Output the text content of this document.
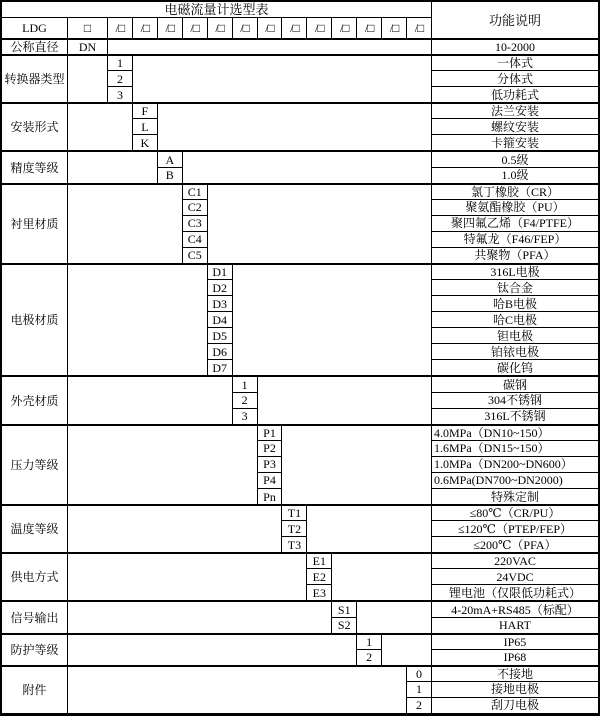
电磁流量计选型表
功能说明
LDG	□	/□	/□	/□	/□	/□	/□	/□	/□	/□	/□	/□	/□	/□
公称直径	DN	10-2000
转换器类型
1	一体式
2	分体式
3	低功耗式
安装形式
F	法兰安装
L	螺纹安装
K	卡箍安装
精度等级
A	0.5级
B	1.0级
衬里材质
C1	氯丁橡胶（CR）
C2	聚氨酯橡胶（PU）
C3	聚四氟乙烯（F4/PTFE）
C4	特氟龙（F46/FEP）
C5	共聚物（PFA）
电极材质
D1	316L电极
D2	钛合金
D3	哈B电极
D4	哈C电极
D5	钽电极
D6	铂铱电极
D7	碳化钨
外壳材质
1	碳钢
2	304不锈钢
3	316L不锈钢
压力等级
P1	4.0MPa（DN10~150）
P2	1.6MPa（DN15~150）
P3	1.0MPa（DN200~DN600）
P4	0.6MPa(DN700~DN2000)
Pn	特殊定制
温度等级
T1	≤80℃（CR/PU）
T2	≤120℃（PTEP/FEP）
T3	≤200℃（PFA）
供电方式
E1	220VAC
E2	24VDC
E3	锂电池（仅限低功耗式）
信号输出
S1	4-20mA+RS485（标配）
S2	HART
防护等级
1	IP65
2	IP68
附件
0	不接地
1	接地电极
2	刮刀电极
